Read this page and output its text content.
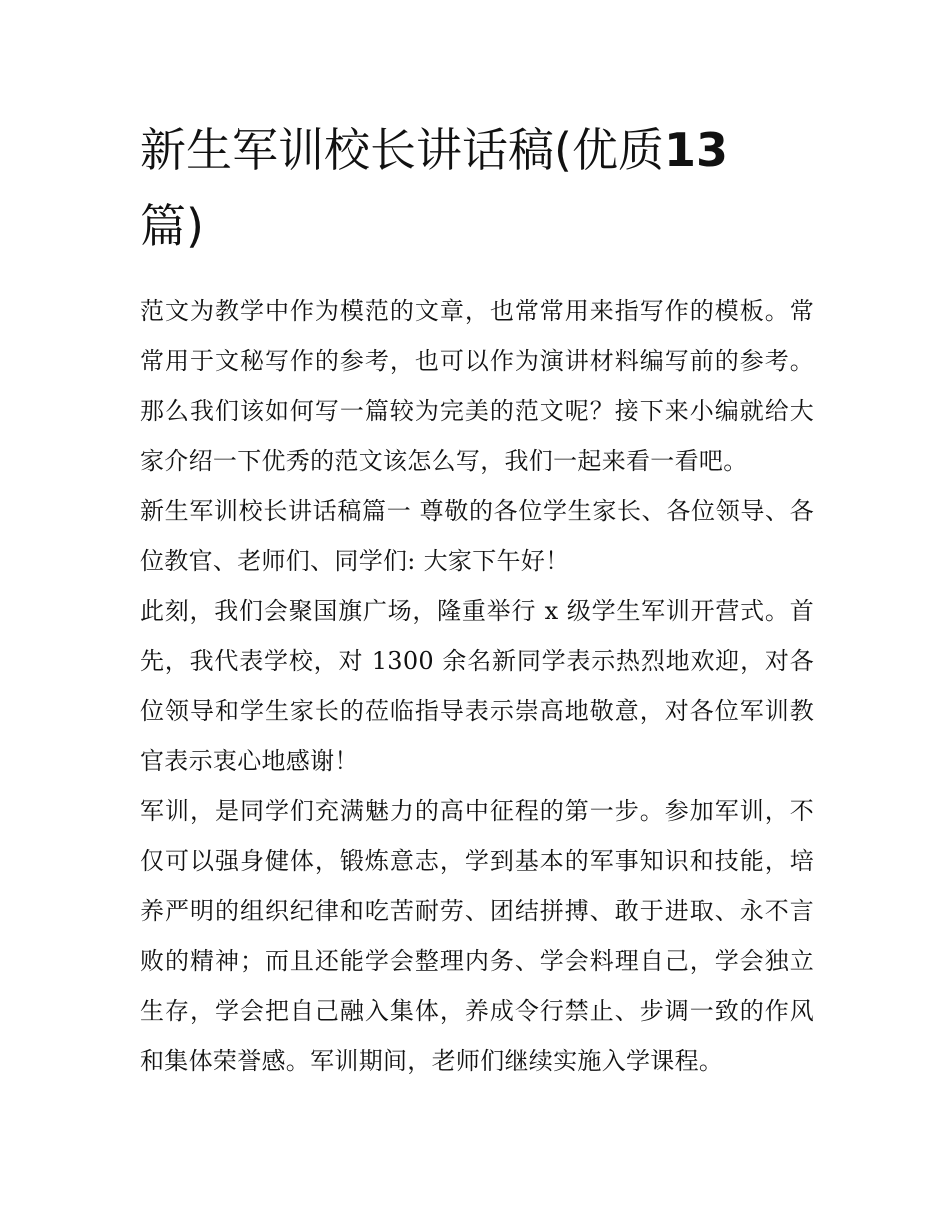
新生军训校长讲话稿(优质13
篇)

范文为教学中作为模范的文章，也常常用来指写作的模板。常常用于文秘写作的参考，也可以作为演讲材料编写前的参考。那么我们该如何写一篇较为完美的范文呢？接下来小编就给大家介绍一下优秀的范文该怎么写，我们一起来看一看吧。

新生军训校长讲话稿篇一 尊敬的各位学生家长、各位领导、各位教官、老师们、同学们: 大家下午好！

此刻，我们会聚国旗广场，隆重举行 x 级学生军训开营式。首先，我代表学校，对 1300 余名新同学表示热烈地欢迎，对各位领导和学生家长的莅临指导表示崇高地敬意，对各位军训教官表示衷心地感谢！

军训，是同学们充满魅力的高中征程的第一步。参加军训，不仅可以强身健体，锻炼意志，学到基本的军事知识和技能，培养严明的组织纪律和吃苦耐劳、团结拼搏、敢于进取、永不言败的精神；而且还能学会整理内务、学会料理自己，学会独立生存，学会把自己融入集体，养成令行禁止、步调一致的作风和集体荣誉感。军训期间，老师们继续实施入学课程。
